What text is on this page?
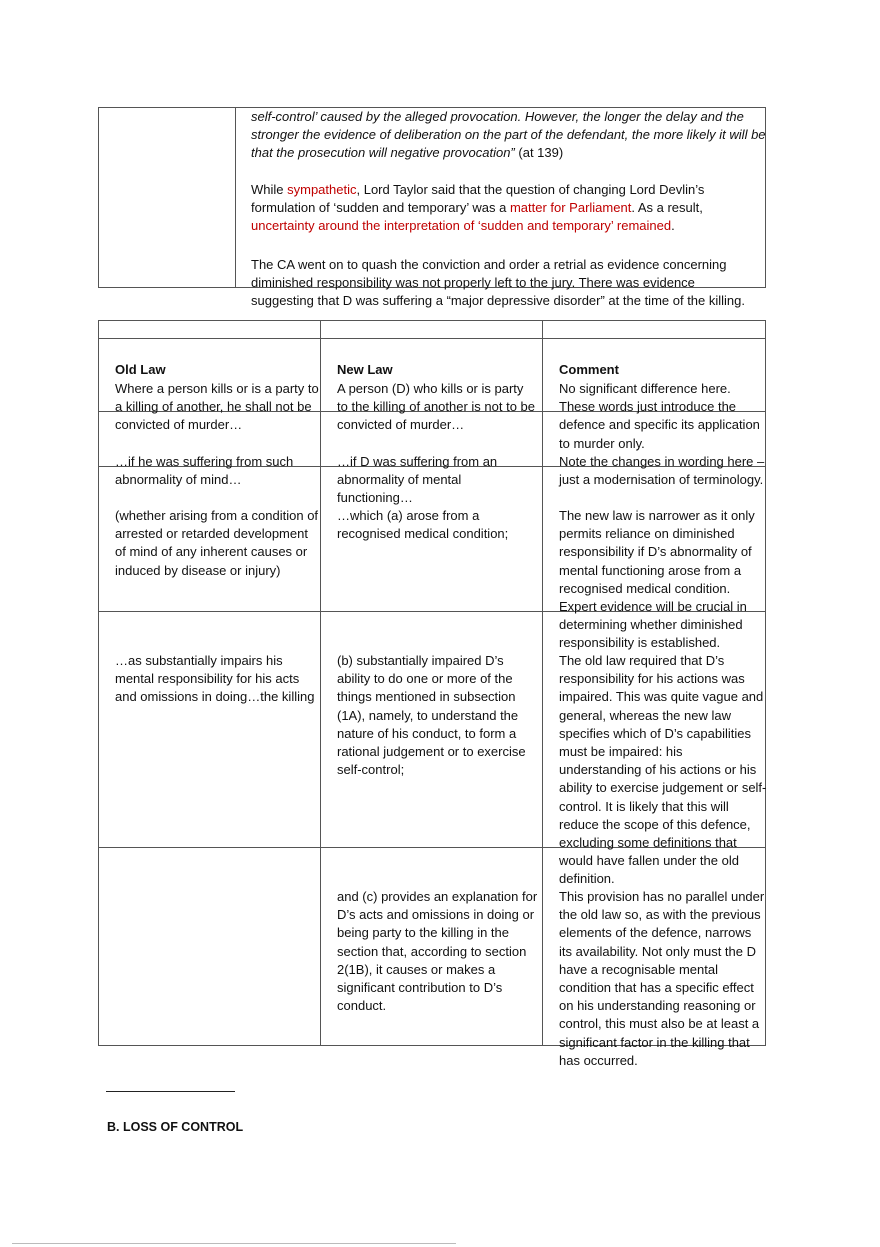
self-control’ caused by the alleged provocation. However, the longer the delay and the stronger the evidence of deliberation on the part of the defendant, the more likely it will be that the prosecution will negative provocation” (at 139)
While sympathetic, Lord Taylor said that the question of changing Lord Devlin’s formulation of ‘sudden and temporary’ was a matter for Parliament. As a result, uncertainty around the interpretation of ‘sudden and temporary’ remained.
The CA went on to quash the conviction and order a retrial as evidence concerning diminished responsibility was not properly left to the jury. There was evidence suggesting that D was suffering a “major depressive disorder” at the time of the killing.
Old Law	New Law	Comment
Where a person kills or is a party to a killing of another, he shall not be convicted of murder…
A person (D) who kills or is party to the killing of another is not to be convicted of murder…
No significant difference here. These words just introduce the defence and specific its application to murder only.
…if he was suffering from such abnormality of mind…
(whether arising from a condition of arrested or retarded development of mind of any inherent causes or induced by disease or injury)
…if D was suffering from an abnormality of mental functioning…
…which (a) arose from a recognised medical condition;
Note the changes in wording here – just a modernisation of terminology.
The new law is narrower as it only permits reliance on diminished responsibility if D’s abnormality of mental functioning arose from a recognised medical condition. Expert evidence will be crucial in determining whether diminished responsibility is established.
…as substantially impairs his mental responsibility for his acts and omissions in doing…the killing
(b) substantially impaired D’s ability to do one or more of the things mentioned in subsection (1A), namely, to understand the nature of his conduct, to form a rational judgement or to exercise self-control;
The old law required that D’s responsibility for his actions was impaired. This was quite vague and general, whereas the new law specifies which of D’s capabilities must be impaired: his understanding of his actions or his ability to exercise judgement or self-control. It is likely that this will reduce the scope of this defence, excluding some definitions that would have fallen under the old definition.
and (c) provides an explanation for D’s acts and omissions in doing or being party to the killing in the section that, according to section 2(1B), it causes or makes a significant contribution to D’s conduct.
This provision has no parallel under the old law so, as with the previous elements of the defence, narrows its availability. Not only must the D have a recognisable mental condition that has a specific effect on his understanding reasoning or control, this must also be at least a significant factor in the killing that has occurred.
B. LOSS OF CONTROL
